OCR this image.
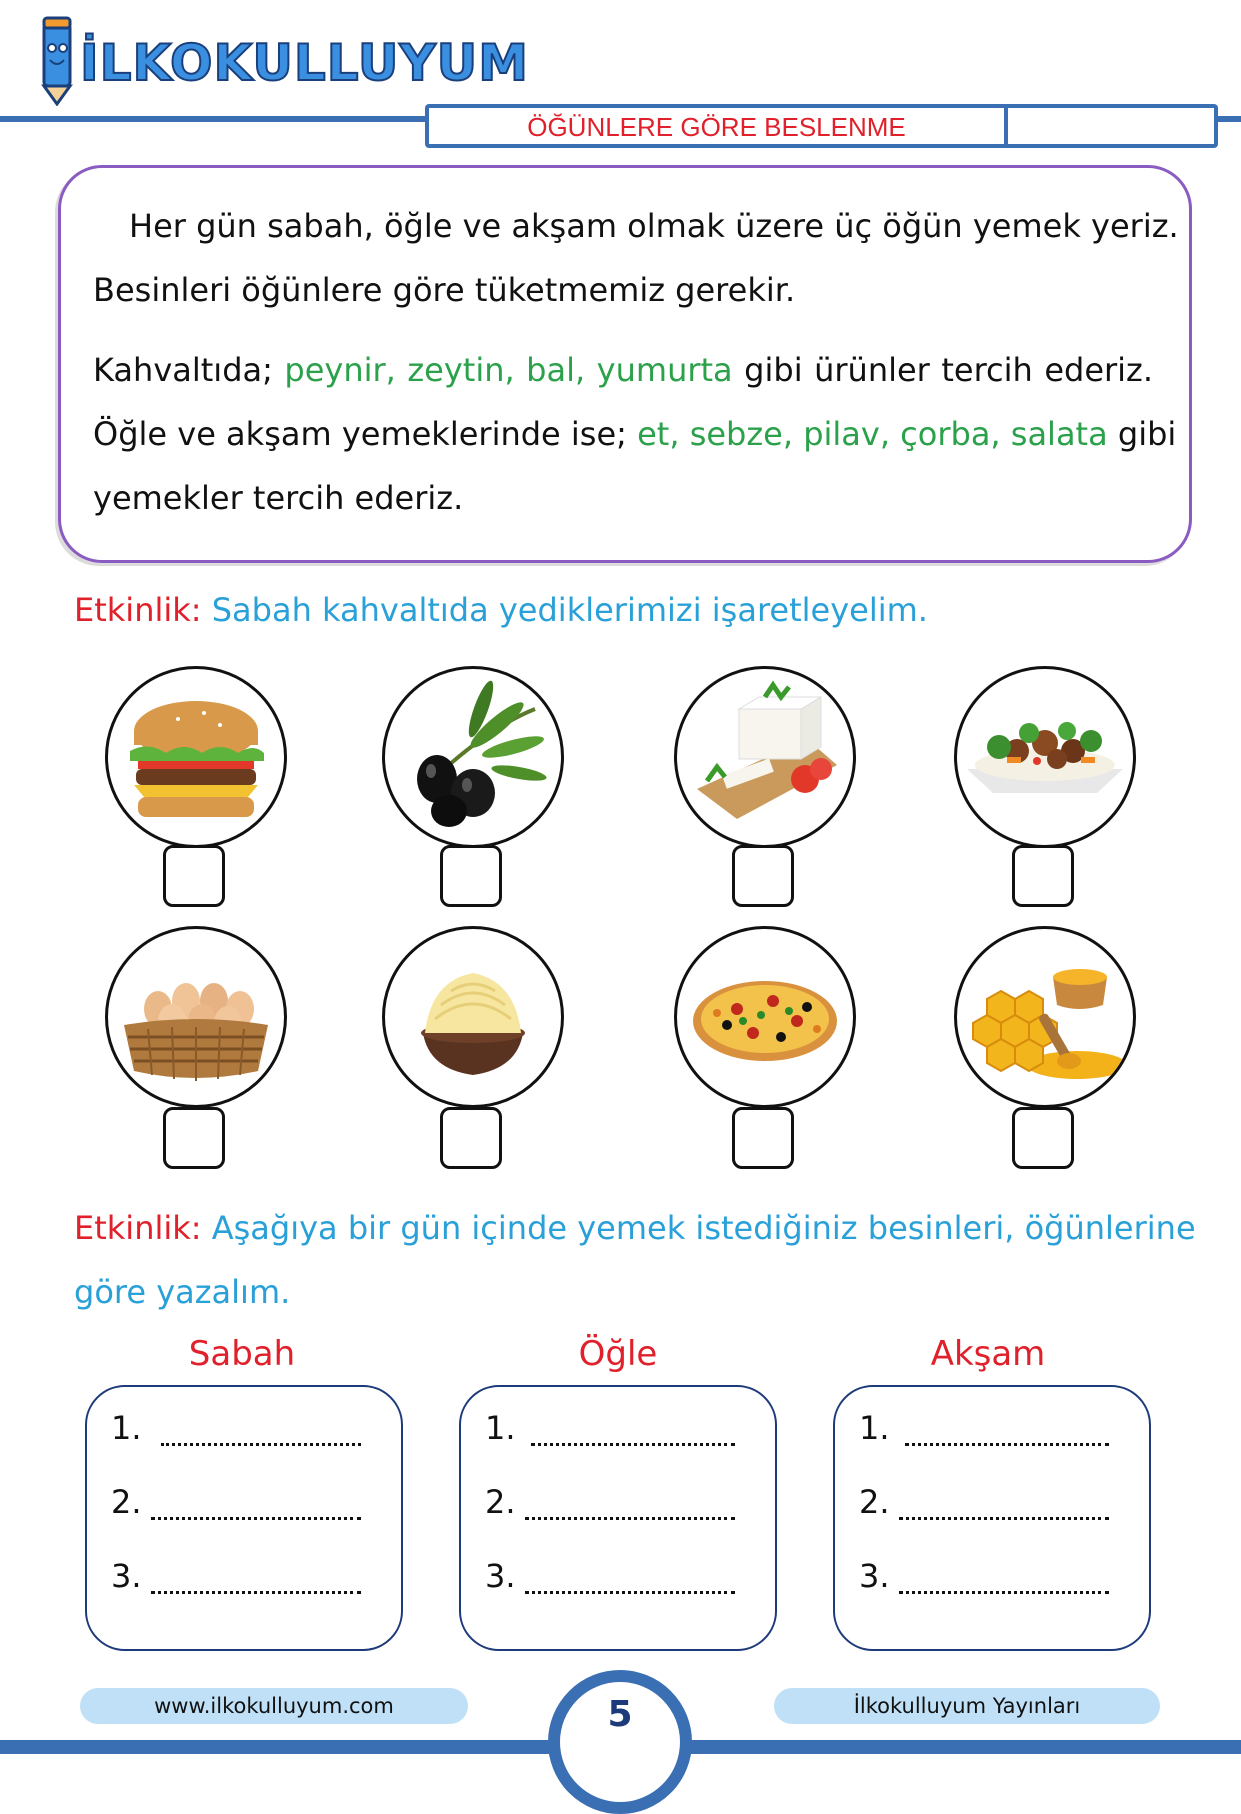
İLKOKULLUYUM
ÖĞÜNLERE GÖRE BESLENME
Her gün sabah, öğle ve akşam olmak üzere üç öğün yemek yeriz.
Besinleri öğünlere göre tüketmemiz gerekir.
Kahvaltıda; peynir, zeytin, bal, yumurta gibi ürünler tercih ederiz.
Öğle ve akşam yemeklerinde ise; et, sebze, pilav, çorba, salata gibi
yemekler tercih ederiz.
Etkinlik: Sabah kahvaltıda yediklerimizi işaretleyelim.
Etkinlik: Aşağıya bir gün içinde yemek istediğiniz besinleri, öğünlerine
göre yazalım.
Sabah	Öğle	Akşam
1.
2.
3.
1.
2.
3.
1.
2.
3.
5
www.ilkokulluyum.com	İlkokulluyum Yayınları
